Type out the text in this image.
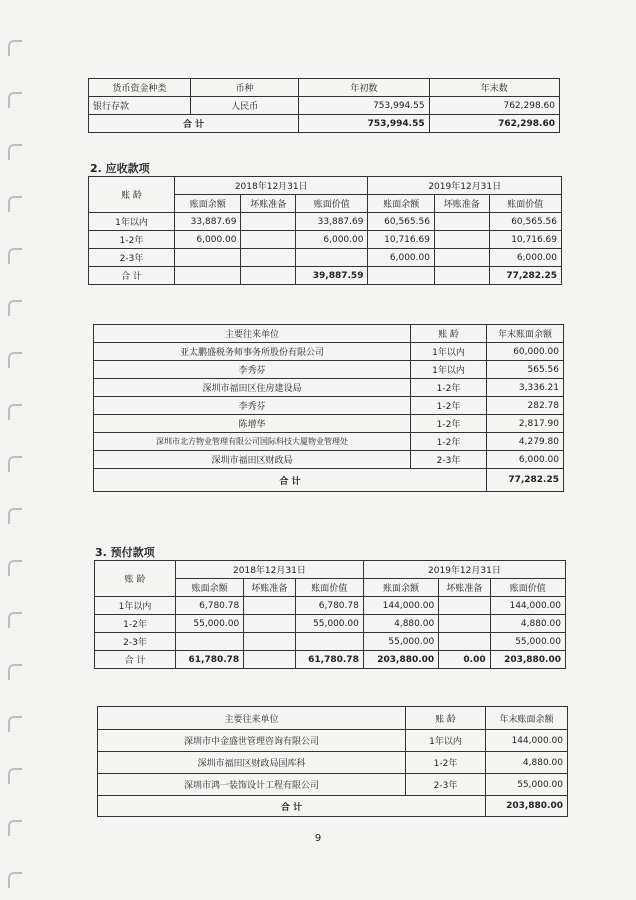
货币资金种类	币种	年初数	年末数
银行存款	人民币	753,994.55	762,298.60
合 计		753,994.55	762,298.60
2. 应收款项
账 龄	2018年12月31日			2019年12月31日		
	账面余额	坏账准备	账面价值	账面余额	坏账准备	账面价值
1年以内	33,887.69		33,887.69	60,565.56		60,565.56
1-2年	6,000.00		6,000.00	10,716.69		10,716.69
2-3年				6,000.00		6,000.00
合 计			39,887.59			77,282.25
主要往来单位	账 龄	年末账面余额
亚太鹏盛税务师事务所股份有限公司	1年以内	60,000.00
李秀芬	1年以内	565.56
深圳市福田区住房建设局	1-2年	3,336.21
李秀芬	1-2年	282.78
陈增华	1-2年	2,817.90
深圳市北方物业管理有限公司国际科技大厦物业管理处	1-2年	4,279.80
深圳市福田区财政局	2-3年	6,000.00
合 计		77,282.25
3. 预付款项
账 龄	2018年12月31日			2019年12月31日		
	账面余额	坏账准备	账面价值	账面余额	坏账准备	账面价值
1年以内	6,780.78		6,780.78	144,000.00		144,000.00
1-2年	55,000.00		55,000.00	4,880.00		4,880.00
2-3年				55,000.00		55,000.00
合 计	61,780.78		61,780.78	203,880.00	0.00	203,880.00
主要往来单位	账 龄	年末账面余额
深圳市中金盛世管理咨询有限公司	1年以内	144,000.00
深圳市福田区财政局国库科	1-2年	4,880.00
深圳市鸿一装饰设计工程有限公司	2-3年	55,000.00
合 计		203,880.00
9
